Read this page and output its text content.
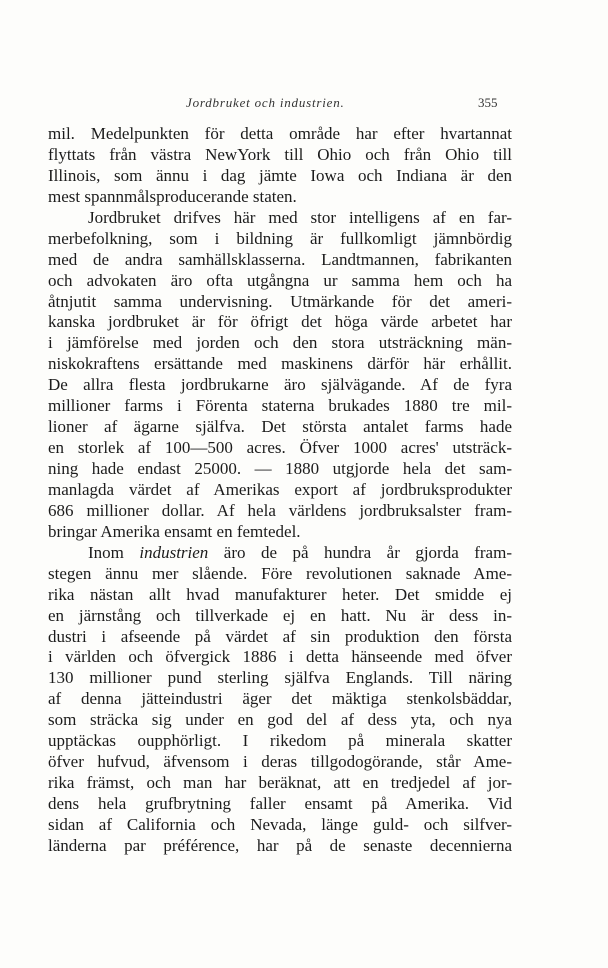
Jordbruket och industrien.	355
mil. Medelpunkten för detta område har efter hvartannat
flyttats från västra NewYork till Ohio och från Ohio till
Illinois, som ännu i dag jämte Iowa och Indiana är den
mest spannmålsproducerande staten.
Jordbruket drifves här med stor intelligens af en far-
merbefolkning, som i bildning är fullkomligt jämnbördig
med de andra samhällsklasserna. Landtmannen, fabrikanten
och advokaten äro ofta utgångna ur samma hem och ha
åtnjutit samma undervisning. Utmärkande för det ameri-
kanska jordbruket är för öfrigt det höga värde arbetet har
i jämförelse med jorden och den stora utsträckning män-
niskokraftens ersättande med maskinens därför här erhållit.
De allra flesta jordbrukarne äro självägande. Af de fyra
millioner farms i Förenta staterna brukades 1880 tre mil-
lioner af ägarne själfva. Det största antalet farms hade
en storlek af 100—500 acres. Öfver 1000 acres' utsträck-
ning hade endast 25000. — 1880 utgjorde hela det sam-
manlagda värdet af Amerikas export af jordbruksprodukter
686 millioner dollar. Af hela världens jordbruksalster fram-
bringar Amerika ensamt en femtedel.
Inom industrien äro de på hundra år gjorda fram-
stegen ännu mer slående. Före revolutionen saknade Ame-
rika nästan allt hvad manufakturer heter. Det smidde ej
en järnstång och tillverkade ej en hatt. Nu är dess in-
dustri i afseende på värdet af sin produktion den första
i världen och öfvergick 1886 i detta hänseende med öfver
130 millioner pund sterling själfva Englands. Till näring
af denna jätteindustri äger det mäktiga stenkolsbäddar,
som sträcka sig under en god del af dess yta, och nya
upptäckas oupphörligt. I rikedom på minerala skatter
öfver hufvud, äfvensom i deras tillgodogörande, står Ame-
rika främst, och man har beräknat, att en tredjedel af jor-
dens hela grufbrytning faller ensamt på Amerika. Vid
sidan af California och Nevada, länge guld- och silfver-
länderna par préférence, har på de senaste decennierna
